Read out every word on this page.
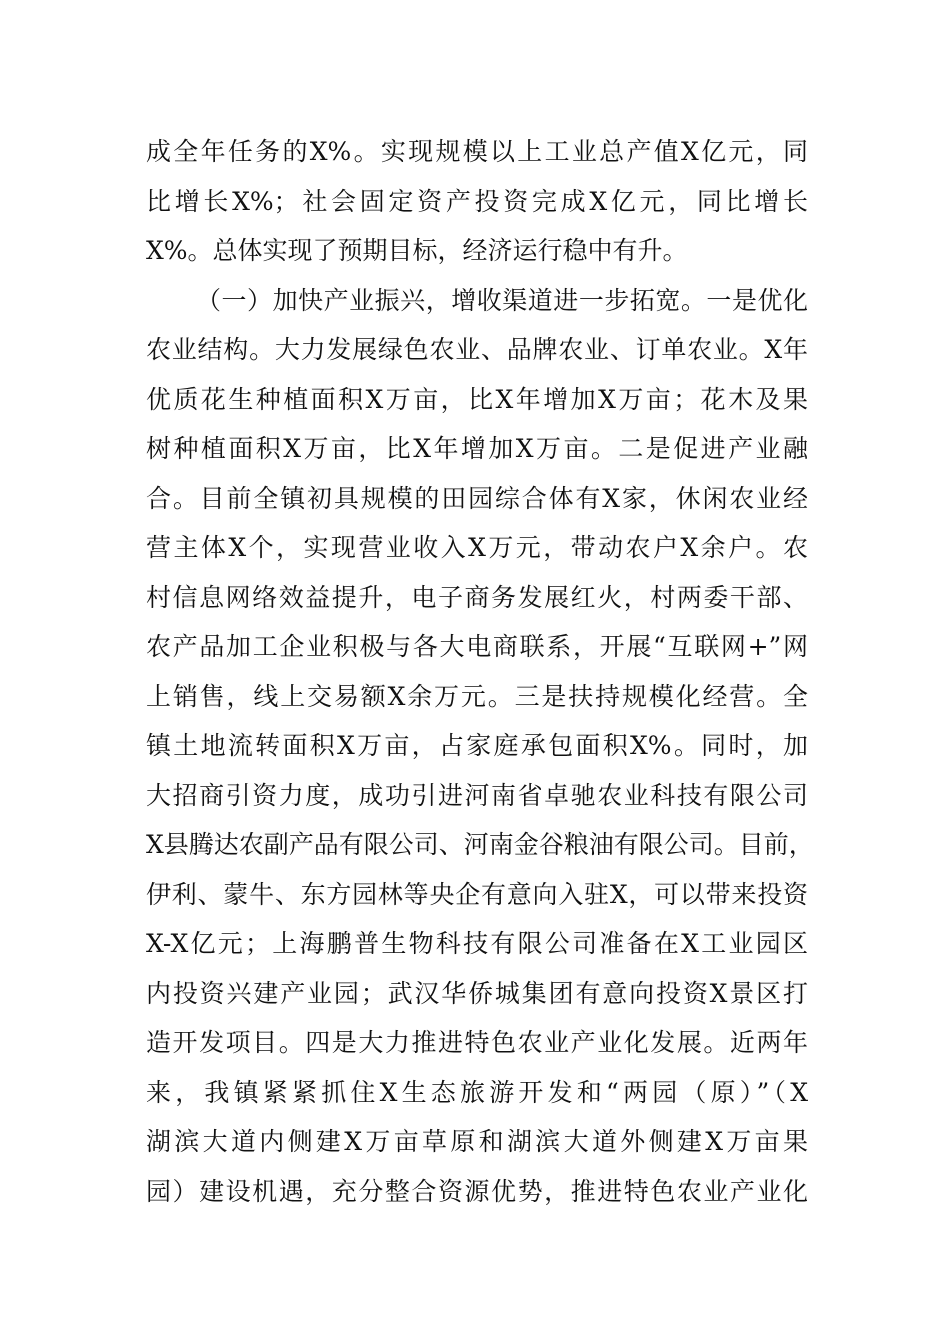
成全年任务的X%。实现规模以上工业总产值X亿元，同
比增长X%；社会固定资产投资完成X亿元，同比增长
X%。总体实现了预期目标，经济运行稳中有升。
（一）加快产业振兴，增收渠道进一步拓宽。一是优化
农业结构。大力发展绿色农业、品牌农业、订单农业。X年
优质花生种植面积X万亩，比X年增加X万亩；花木及果
树种植面积X万亩，比X年增加X万亩。二是促进产业融
合。目前全镇初具规模的田园综合体有X家，休闲农业经
营主体X个，实现营业收入X万元，带动农户X余户。农
村信息网络效益提升，电子商务发展红火，村两委干部、
农产品加工企业积极与各大电商联系，开展“互联网+”网
上销售，线上交易额X余万元。三是扶持规模化经营。全
镇土地流转面积X万亩，占家庭承包面积X%。同时，加
大招商引资力度，成功引进河南省卓驰农业科技有限公司
X县腾达农副产品有限公司、河南金谷粮油有限公司。目前，
伊利、蒙牛、东方园林等央企有意向入驻X，可以带来投资
X-X亿元；上海鹏普生物科技有限公司准备在X工业园区
内投资兴建产业园；武汉华侨城集团有意向投资X景区打
造开发项目。四是大力推进特色农业产业化发展。近两年
来，我镇紧紧抓住X生态旅游开发和“两园（原）”（X
湖滨大道内侧建X万亩草原和湖滨大道外侧建X万亩果
园）建设机遇，充分整合资源优势，推进特色农业产业化
